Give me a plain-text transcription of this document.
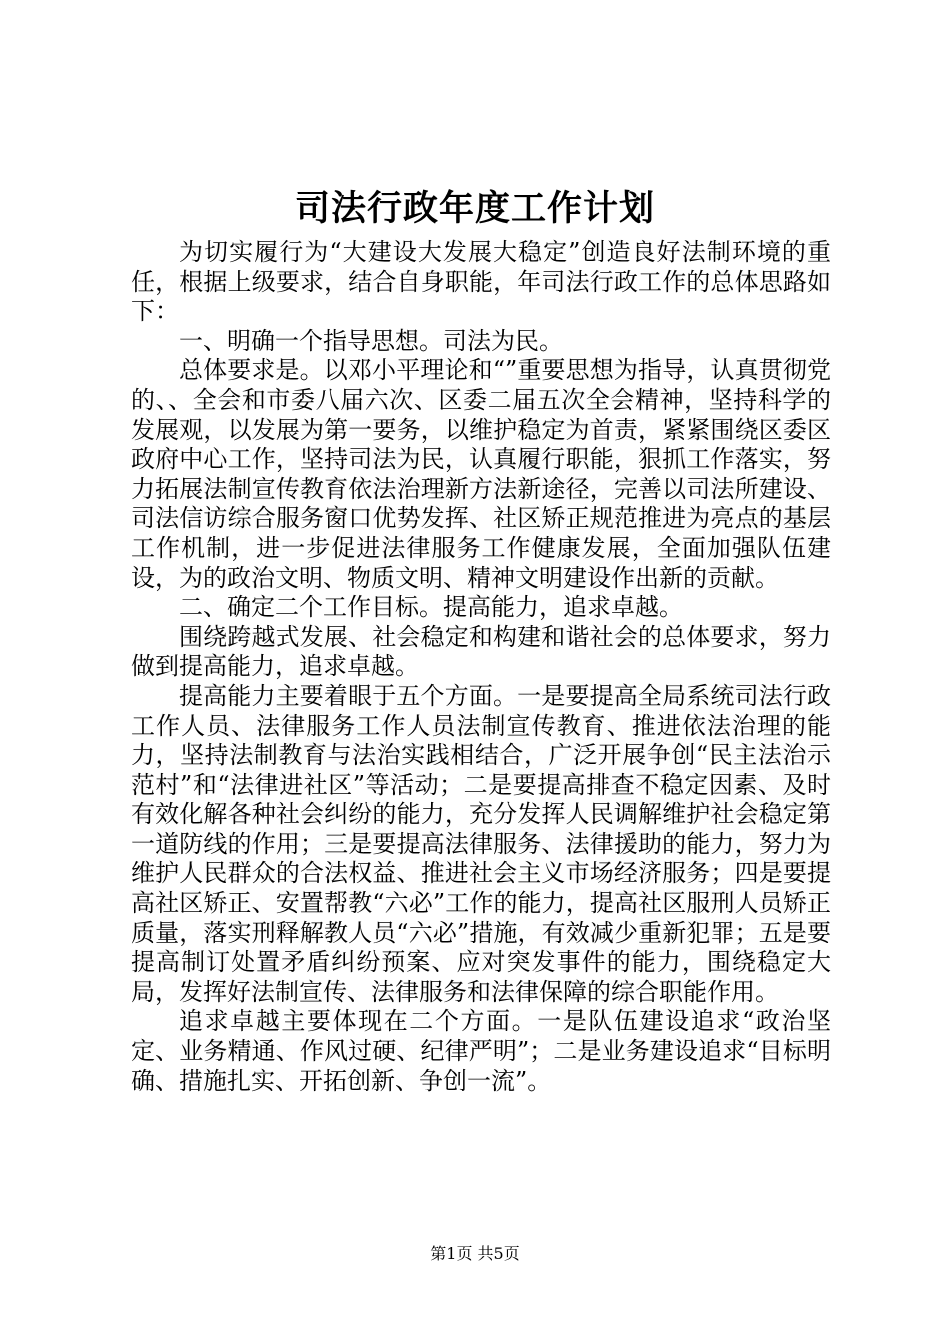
司法行政年度工作计划

为切实履行为“大建设大发展大稳定”创造良好法制环境的重任，根据上级要求，结合自身职能，年司法行政工作的总体思路如下：

一、明确一个指导思想。司法为民。

总体要求是。以邓小平理论和“”重要思想为指导，认真贯彻党的、、全会和市委八届六次、区委二届五次全会精神，坚持科学的发展观，以发展为第一要务，以维护稳定为首责，紧紧围绕区委区政府中心工作，坚持司法为民，认真履行职能，狠抓工作落实，努力拓展法制宣传教育依法治理新方法新途径，完善以司法所建设、司法信访综合服务窗口优势发挥、社区矫正规范推进为亮点的基层工作机制，进一步促进法律服务工作健康发展，全面加强队伍建设，为的政治文明、物质文明、精神文明建设作出新的贡献。

二、确定二个工作目标。提高能力，追求卓越。

围绕跨越式发展、社会稳定和构建和谐社会的总体要求，努力做到提高能力，追求卓越。

提高能力主要着眼于五个方面。一是要提高全局系统司法行政工作人员、法律服务工作人员法制宣传教育、推进依法治理的能力，坚持法制教育与法治实践相结合，广泛开展争创“民主法治示范村”和“法律进社区”等活动；二是要提高排查不稳定因素、及时有效化解各种社会纠纷的能力，充分发挥人民调解维护社会稳定第一道防线的作用；三是要提高法律服务、法律援助的能力，努力为维护人民群众的合法权益、推进社会主义市场经济服务；四是要提高社区矫正、安置帮教“六必”工作的能力，提高社区服刑人员矫正质量，落实刑释解教人员“六必”措施，有效减少重新犯罪；五是要提高制订处置矛盾纠纷预案、应对突发事件的能力，围绕稳定大局，发挥好法制宣传、法律服务和法律保障的综合职能作用。

追求卓越主要体现在二个方面。一是队伍建设追求“政治坚定、业务精通、作风过硬、纪律严明”；二是业务建设追求“目标明确、措施扎实、开拓创新、争创一流”。

第1页 共5页
